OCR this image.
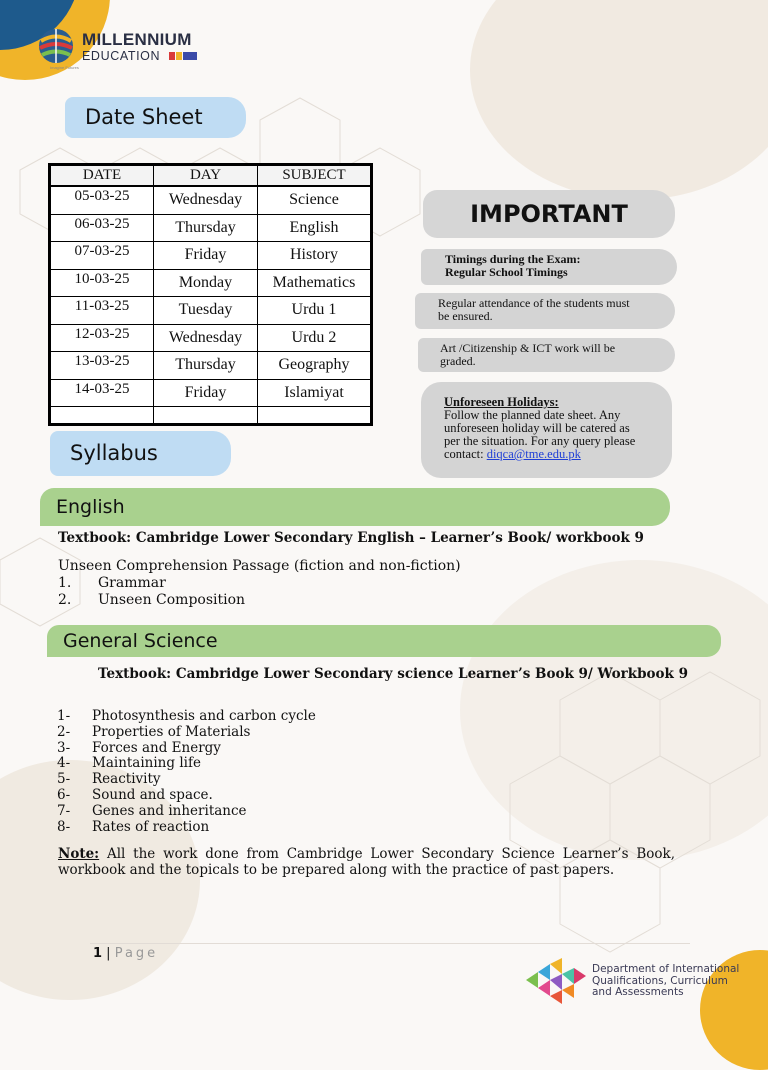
MILLENNIUM
EDUCATION
Imagine Futures
Date Sheet
DATE	DAY	SUBJECT
05-03-25	Wednesday	Science
06-03-25	Thursday	English
07-03-25	Friday	History
10-03-25	Monday	Mathematics
11-03-25	Tuesday	Urdu 1
12-03-25	Wednesday	Urdu 2
13-03-25	Thursday	Geography
14-03-25	Friday	Islamiyat

IMPORTANT
Timings during the Exam:
Regular School Timings
Regular attendance of the students must
be ensured.
Art /Citizenship & ICT work will be
graded.
Unforeseen Holidays:
Follow the planned date sheet. Any
unforeseen holiday will be catered as
per the situation. For any query please
contact: diqca@tme.edu.pk
Syllabus
English
Textbook: Cambridge Lower Secondary English – Learner’s Book/ workbook 9
Unseen Comprehension Passage (fiction and non-fiction)
1.	Grammar
2.	Unseen Composition
General Science
Textbook: Cambridge Lower Secondary science Learner’s Book 9/ Workbook 9
1-	Photosynthesis and carbon cycle
2-	Properties of Materials
3-	Forces and Energy
4-	Maintaining life
5-	Reactivity
6-	Sound and space.
7-	Genes and inheritance
8-	Rates of reaction
Note: All the work done from Cambridge Lower Secondary Science Learner’s Book, workbook and the topicals to be prepared along with the practice of past papers.
1 | Page
Department of International
Qualifications, Curriculum
and Assessments
